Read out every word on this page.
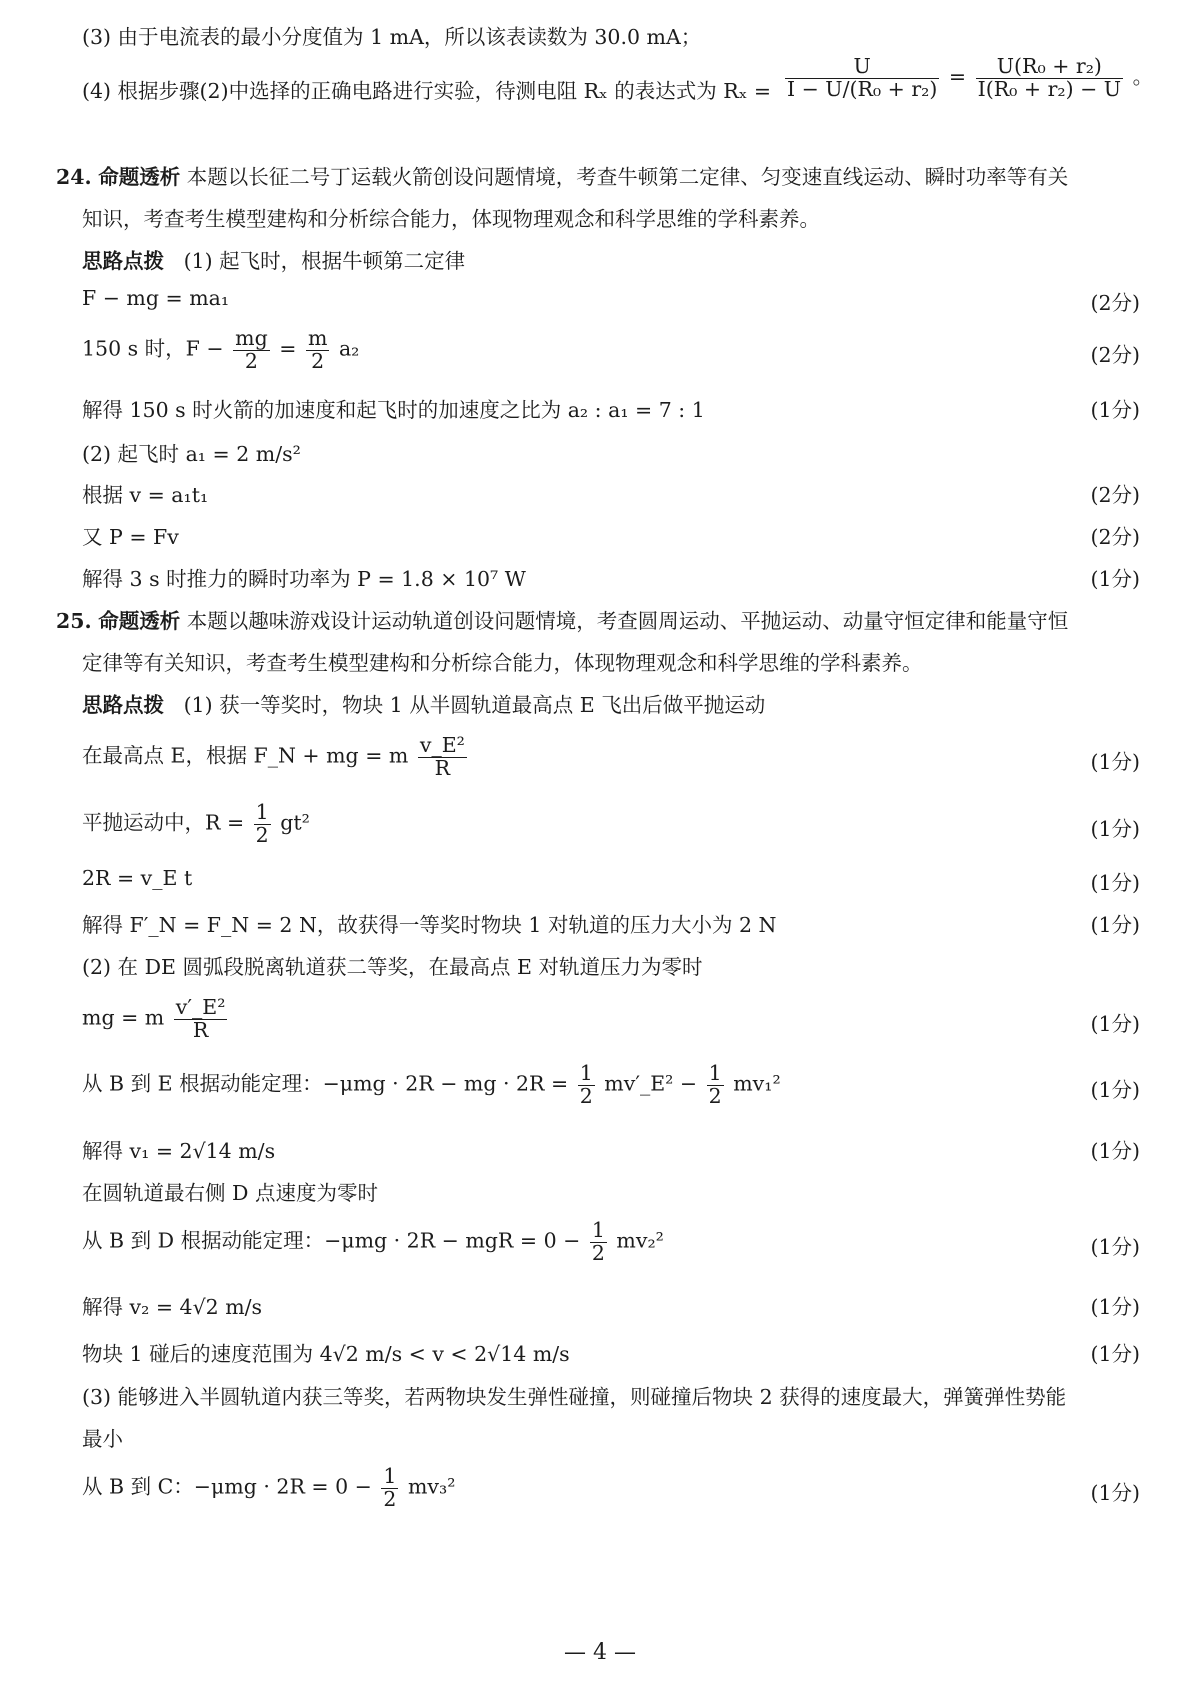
(3) 由于电流表的最小分度值为 1 mA，所以该表读数为 30.0 mA；
(4) 根据步骤(2)中选择的正确电路进行实验，待测电阻 Rₓ 的表达式为 $R_x = \frac{U}{\text{I − U/(R₀ + r₂)}} = \frac{\text{U(R₀ + r₂)}}{\text{I(R₀ + r₂) − U}}$ 。
24. 命题透析 本题以长征二号丁运载火箭创设问题情境，考查牛顿第二定律、匀变速直线运动、瞬时功率等有关
知识，考查考生模型建构和分析综合能力，体现物理观念和科学思维的学科素养。
思路点拨 (1) 起飞时，根据牛顿第二定律
F − mg = ma₁	(2分)
150 s 时，$F - \frac{mg}{2} = \frac{m}{2} a_2$	(2分)
解得 150 s 时火箭的加速度和起飞时的加速度之比为 a₂ : a₁ = 7 : 1	(1分)
(2) 起飞时 a₁ = 2 m/s²
根据 v = a₁t₁	(2分)
又 P = Fv	(2分)
解得 3 s 时推力的瞬时功率为 P = 1.8 × 10⁷ W	(1分)
25. 命题透析 本题以趣味游戏设计运动轨道创设问题情境，考查圆周运动、平抛运动、动量守恒定律和能量守恒
定律等有关知识，考查考生模型建构和分析综合能力，体现物理观念和科学思维的学科素养。
思路点拨 (1) 获一等奖时，物块 1 从半圆轨道最高点 E 飞出后做平抛运动
在最高点 E，根据 F_N + mg = m $\frac{\text{v\_E²}}{R}$	(1分)
平抛运动中，$R = \frac{1}{2} gt^2$	(1分)
2R = v_E t	(1分)
解得 F′_N = F_N = 2 N，故获得一等奖时物块 1 对轨道的压力大小为 2 N	(1分)
(2) 在 DE 圆弧段脱离轨道获二等奖，在最高点 E 对轨道压力为零时
mg = m $\frac{\text{v′\_E²}}{R}$	(1分)
从 B 到 E 根据动能定理：−μmg · 2R − mg · $2R = \frac{1}{2}$ mv′_E² − $\frac{1}{2} mv_1^2$	(1分)
解得 v₁ = 2√14 m/s	(1分)
在圆轨道最右侧 D 点速度为零时
从 B 到 D 根据动能定理：−μmg · 2R − mgR = $0 - \frac{1}{2} mv_2^2$	(1分)
解得 v₂ = 4√2 m/s	(1分)
物块 1 碰后的速度范围为 4√2 m/s < v < 2√14 m/s	(1分)
(3) 能够进入半圆轨道内获三等奖，若两物块发生弹性碰撞，则碰撞后物块 2 获得的速度最大，弹簧弹性势能
最小
从 B 到 C：$-\mu mg \cdot 2R = 0 - \frac{1}{2} mv_3^2$	(1分)
— 4 —
